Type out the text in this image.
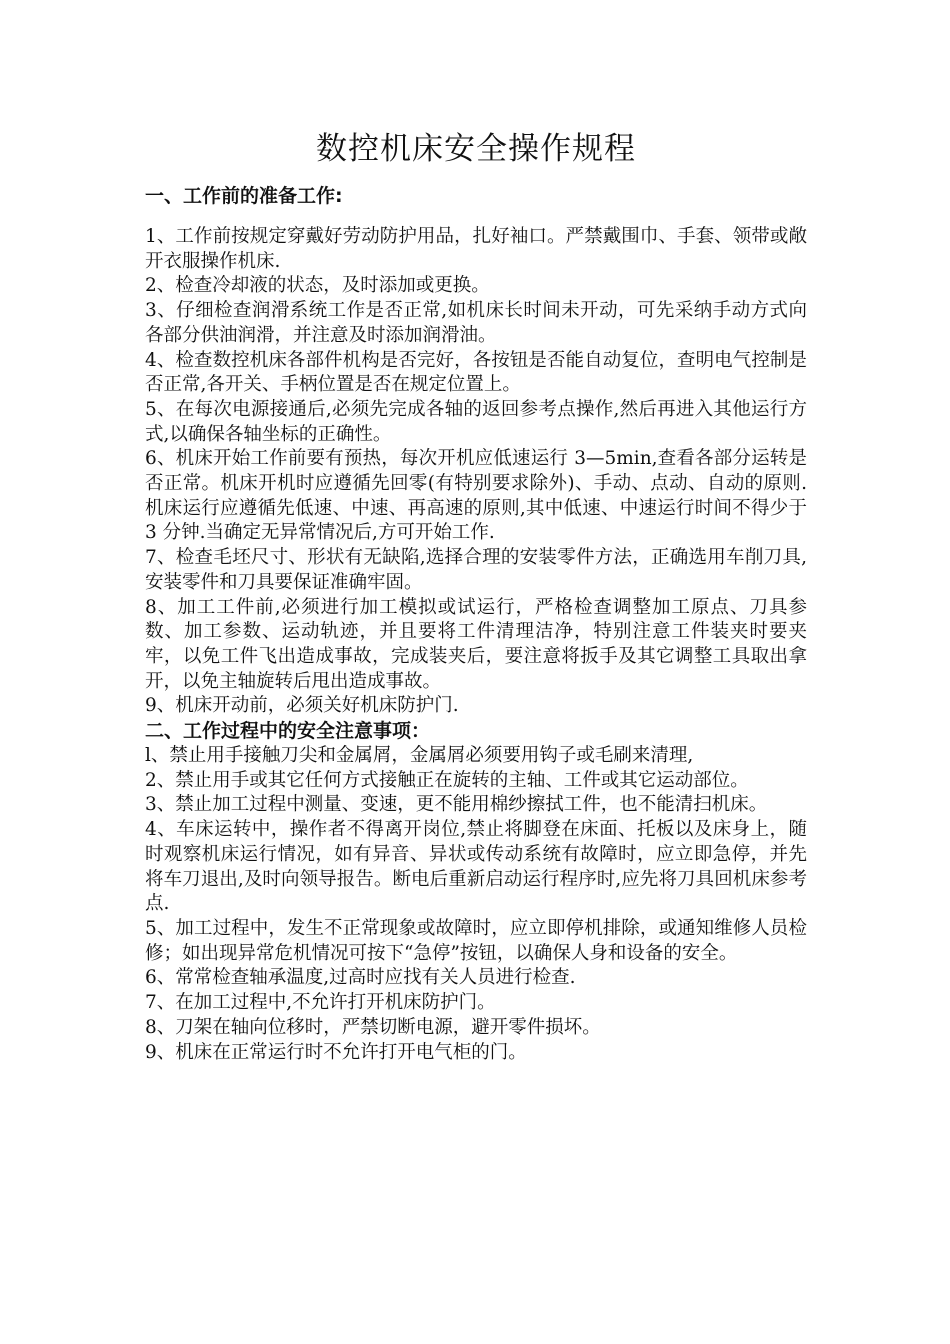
数控机床安全操作规程

一、工作前的准备工作:

1、工作前按规定穿戴好劳动防护用品，扎好袖口。严禁戴围巾、手套、领带或敞开衣服操作机床.

2、检查冷却液的状态，及时添加或更换。

3、仔细检查润滑系统工作是否正常,如机床长时间未开动，可先采纳手动方式向各部分供油润滑，并注意及时添加润滑油。

4、检查数控机床各部件机构是否完好，各按钮是否能自动复位，查明电气控制是否正常,各开关、手柄位置是否在规定位置上。

5、在每次电源接通后,必须先完成各轴的返回参考点操作,然后再进入其他运行方式,以确保各轴坐标的正确性。

6、机床开始工作前要有预热，每次开机应低速运行 3—5min,查看各部分运转是否正常。机床开机时应遵循先回零(有特别要求除外)、手动、点动、自动的原则.机床运行应遵循先低速、中速、再高速的原则,其中低速、中速运行时间不得少于 3 分钟.当确定无异常情况后,方可开始工作.

7、检查毛坯尺寸、形状有无缺陷,选择合理的安装零件方法，正确选用车削刀具,安装零件和刀具要保证准确牢固。

8、加工工件前,必须进行加工模拟或试运行，严格检查调整加工原点、刀具参数、加工参数、运动轨迹，并且要将工件清理洁净，特别注意工件装夹时要夹牢，以免工件飞出造成事故，完成装夹后，要注意将扳手及其它调整工具取出拿开，以免主轴旋转后甩出造成事故。

9、机床开动前，必须关好机床防护门.

二、工作过程中的安全注意事项：

l、禁止用手接触刀尖和金属屑，金属屑必须要用钩子或毛刷来清理,

2、禁止用手或其它任何方式接触正在旋转的主轴、工件或其它运动部位。

3、禁止加工过程中测量、变速，更不能用棉纱擦拭工件，也不能清扫机床。

4、车床运转中，操作者不得离开岗位,禁止将脚登在床面、托板以及床身上，随时观察机床运行情况，如有异音、异状或传动系统有故障时，应立即急停，并先将车刀退出,及时向领导报告。断电后重新启动运行程序时,应先将刀具回机床参考点.

5、加工过程中，发生不正常现象或故障时，应立即停机排除，或通知维修人员检修；如出现异常危机情况可按下“急停”按钮，以确保人身和设备的安全。

6、常常检查轴承温度,过高时应找有关人员进行检查.

7、在加工过程中,不允许打开机床防护门。

8、刀架在轴向位移时，严禁切断电源，避开零件损坏。

9、机床在正常运行时不允许打开电气柜的门。
